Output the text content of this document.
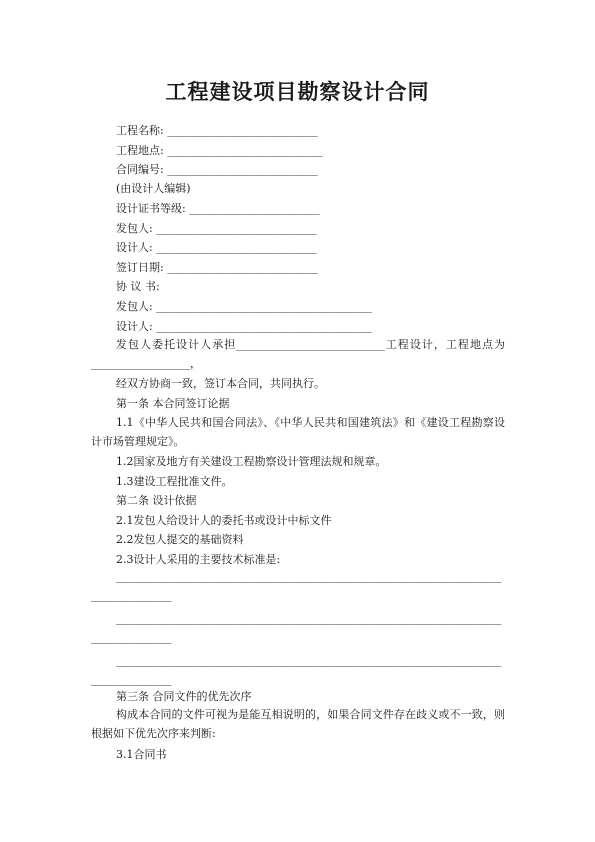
工程建设项目勘察设计合同
工程名称: ______________________________
工程地点: _______________________________
合同编号: ______________________________
(由设计人编辑)
设计证书等级: __________________________
发包人: ________________________________
设计人: ________________________________
签订日期: ______________________________
协 议 书:
发包人: ___________________________________________
设计人: ___________________________________________

发包人委托设计人承担___________________________工程设计，工程地点为__________________，

经双方协商一致，签订本合同，共同执行。
第一条 本合同签订论据

1.1《中华人民共和国合同法》、《中华人民共和国建筑法》和《建设工程勘察设计市场管理规定》。

1.2国家及地方有关建设工程勘察设计管理法规和规章。
1.3建设工程批准文件。
第二条 设计依据
2.1发包人给设计人的委托书或设计中标文件
2.2发包人提交的基础资料
2.3设计人采用的主要技术标准是:

_____________________________________________________________________________________________

_____________________________________________________________________________________________

_____________________________________________________________________________________________

第三条 合同文件的优先次序

构成本合同的文件可视为是能互相说明的，如果合同文件存在歧义或不一致，则根据如下优先次序来判断:

3.1合同书
